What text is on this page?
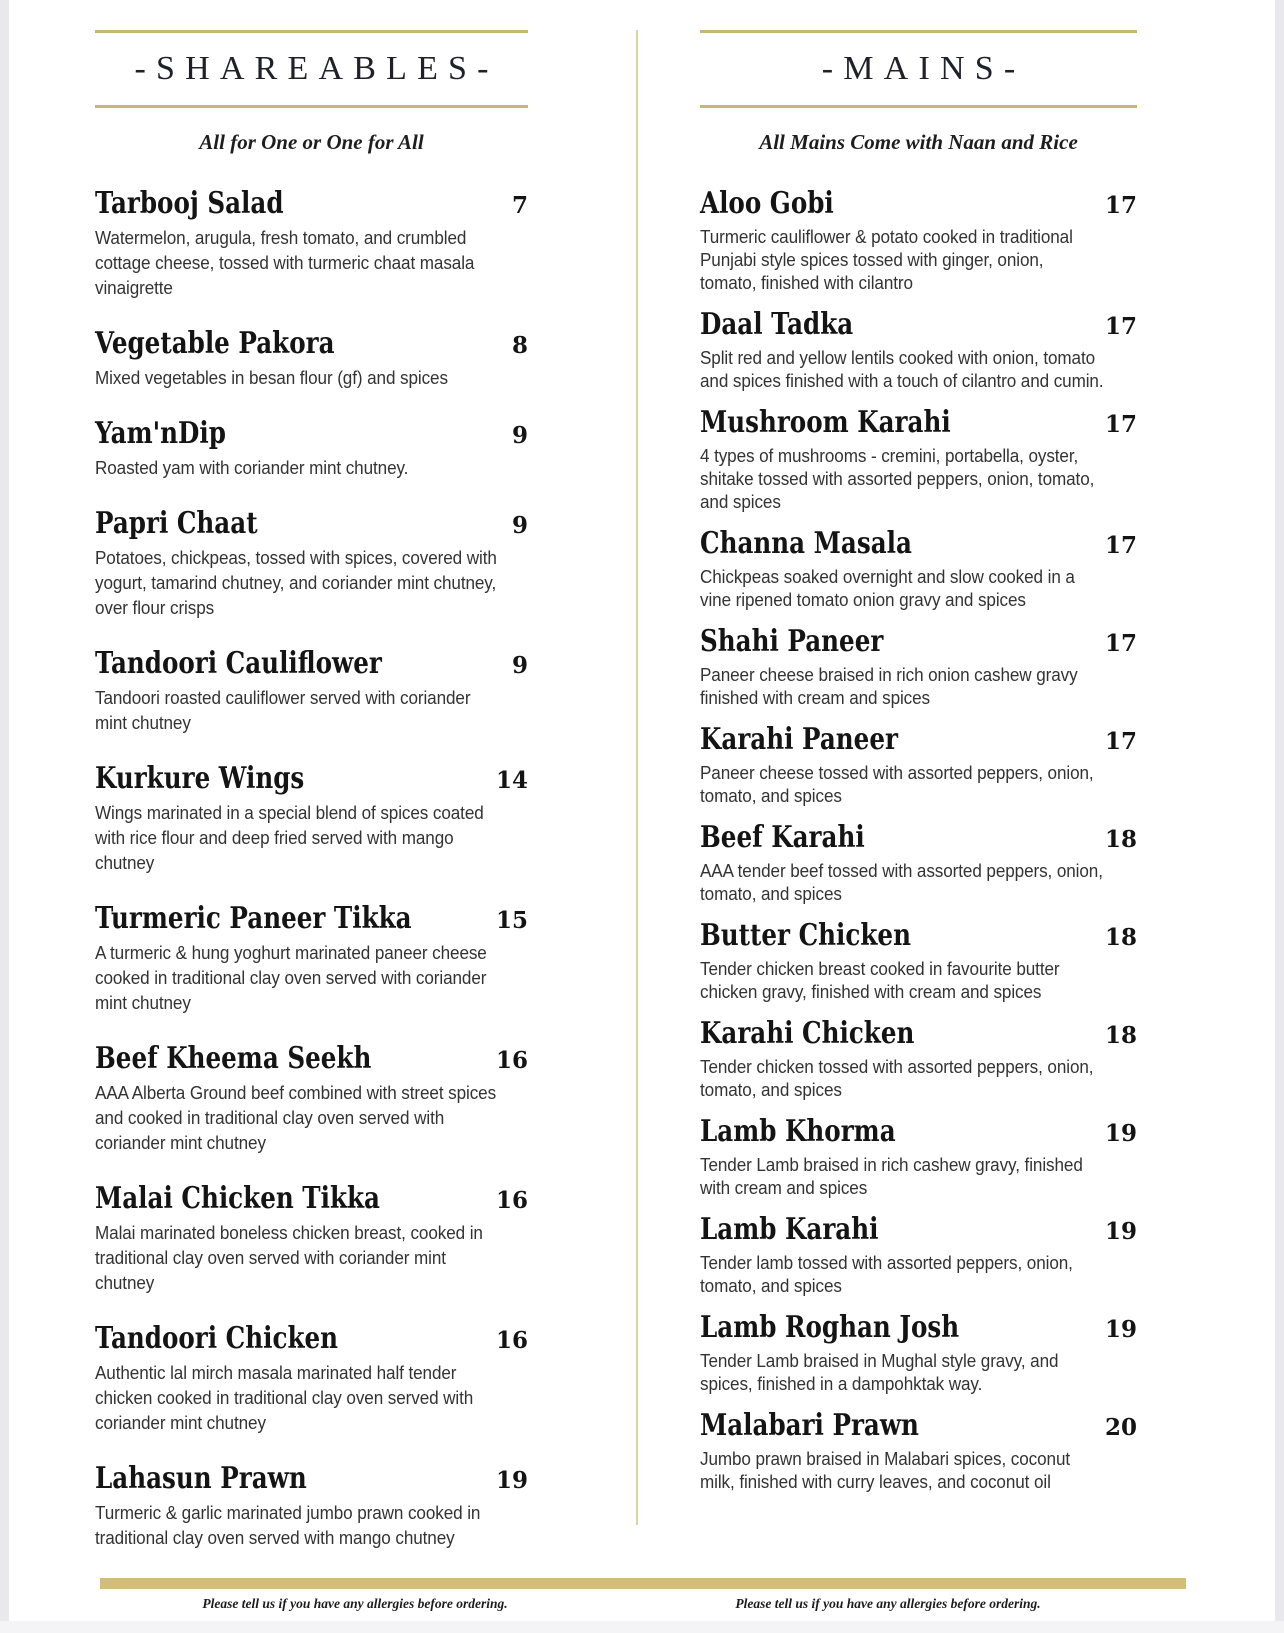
-SHAREABLES-
All for One or One for All
Tarbooj Salad	7
Watermelon, arugula, fresh tomato, and crumbled cottage cheese, tossed with turmeric chaat masala vinaigrette
Vegetable Pakora	8
Mixed vegetables in besan flour (gf) and spices
Yam'nDip	9
Roasted yam with coriander mint chutney.
Papri Chaat	9
Potatoes, chickpeas, tossed with spices, covered with yogurt, tamarind chutney, and coriander mint chutney, over flour crisps
Tandoori Cauliflower	9
Tandoori roasted cauliflower served with coriander mint chutney
Kurkure Wings	14
Wings marinated in a special blend of spices coated with rice flour and deep fried served with mango chutney
Turmeric Paneer Tikka	15
A turmeric & hung yoghurt marinated paneer cheese cooked in traditional clay oven served with coriander mint chutney
Beef Kheema Seekh	16
AAA Alberta Ground beef combined with street spices and cooked in traditional clay oven served with coriander mint chutney
Malai Chicken Tikka	16
Malai marinated boneless chicken breast, cooked in traditional clay oven served with coriander mint chutney
Tandoori Chicken	16
Authentic lal mirch masala marinated half tender chicken cooked in traditional clay oven served with coriander mint chutney
Lahasun Prawn	19
Turmeric & garlic marinated jumbo prawn cooked in traditional clay oven served with mango chutney
-MAINS-
All Mains Come with Naan and Rice
Aloo Gobi	17
Turmeric cauliflower & potato cooked in traditional Punjabi style spices tossed with ginger, onion, tomato, finished with cilantro
Daal Tadka	17
Split red and yellow lentils cooked with onion, tomato and spices finished with a touch of cilantro and cumin.
Mushroom Karahi	17
4 types of mushrooms - cremini, portabella, oyster, shitake tossed with assorted peppers, onion, tomato, and spices
Channa Masala	17
Chickpeas soaked overnight and slow cooked in a vine ripened tomato onion gravy and spices
Shahi Paneer	17
Paneer cheese braised in rich onion cashew gravy finished with cream and spices
Karahi Paneer	17
Paneer cheese tossed with assorted peppers, onion, tomato, and spices
Beef Karahi	18
AAA tender beef tossed with assorted peppers, onion, tomato, and spices
Butter Chicken	18
Tender chicken breast cooked in favourite butter chicken gravy, finished with cream and spices
Karahi Chicken	18
Tender chicken tossed with assorted peppers, onion, tomato, and spices
Lamb Khorma	19
Tender Lamb braised in rich cashew gravy, finished with cream and spices
Lamb Karahi	19
Tender lamb tossed with assorted peppers, onion, tomato, and spices
Lamb Roghan Josh	19
Tender Lamb braised in Mughal style gravy, and spices, finished in a dampohktak way.
Malabari Prawn	20
Jumbo prawn braised in Malabari spices, coconut milk, finished with curry leaves, and coconut oil
Please tell us if you have any allergies before ordering.	Please tell us if you have any allergies before ordering.
